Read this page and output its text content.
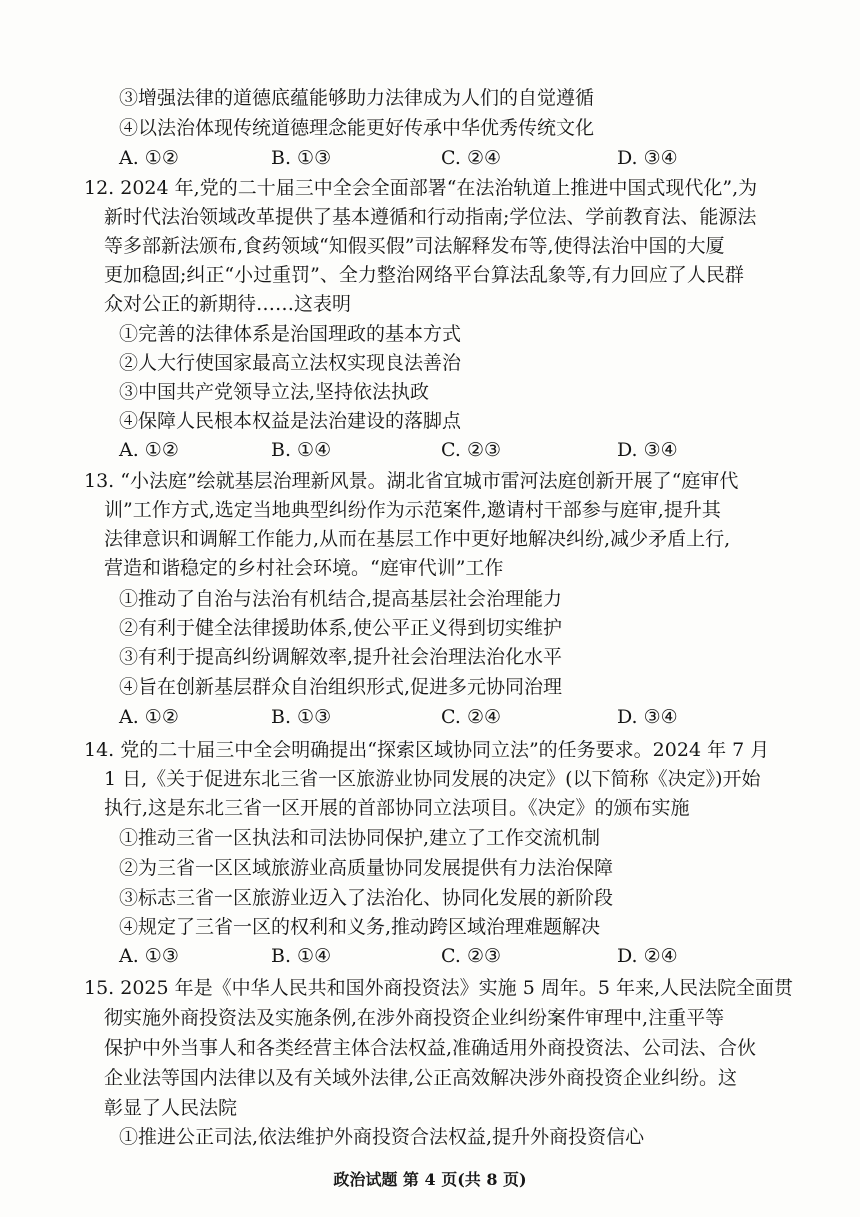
③增强法律的道德底蕴能够助力法律成为人们的自觉遵循
④以法治体现传统道德理念能更好传承中华优秀传统文化
A. ①②	B. ①③	C. ②④	D. ③④
12. 2024 年,党的二十届三中全会全面部署“在法治轨道上推进中国式现代化”,为
新时代法治领域改革提供了基本遵循和行动指南;学位法、学前教育法、能源法
等多部新法颁布,食药领域“知假买假”司法解释发布等,使得法治中国的大厦
更加稳固;纠正“小过重罚”、全力整治网络平台算法乱象等,有力回应了人民群
众对公正的新期待……这表明
①完善的法律体系是治国理政的基本方式
②人大行使国家最高立法权实现良法善治
③中国共产党领导立法,坚持依法执政
④保障人民根本权益是法治建设的落脚点
A. ①②	B. ①④	C. ②③	D. ③④
13. “小法庭”绘就基层治理新风景。湖北省宜城市雷河法庭创新开展了“庭审代
训”工作方式,选定当地典型纠纷作为示范案件,邀请村干部参与庭审,提升其
法律意识和调解工作能力,从而在基层工作中更好地解决纠纷,减少矛盾上行,
营造和谐稳定的乡村社会环境。“庭审代训”工作
①推动了自治与法治有机结合,提高基层社会治理能力
②有利于健全法律援助体系,使公平正义得到切实维护
③有利于提高纠纷调解效率,提升社会治理法治化水平
④旨在创新基层群众自治组织形式,促进多元协同治理
A. ①②	B. ①③	C. ②④	D. ③④
14. 党的二十届三中全会明确提出“探索区域协同立法”的任务要求。2024 年 7 月
1 日,《关于促进东北三省一区旅游业协同发展的决定》(以下简称《决定》)开始
执行,这是东北三省一区开展的首部协同立法项目。《决定》的颁布实施
①推动三省一区执法和司法协同保护,建立了工作交流机制
②为三省一区区域旅游业高质量协同发展提供有力法治保障
③标志三省一区旅游业迈入了法治化、协同化发展的新阶段
④规定了三省一区的权利和义务,推动跨区域治理难题解决
A. ①③	B. ①④	C. ②③	D. ②④
15. 2025 年是《中华人民共和国外商投资法》实施 5 周年。5 年来,人民法院全面贯
彻实施外商投资法及实施条例,在涉外商投资企业纠纷案件审理中,注重平等
保护中外当事人和各类经营主体合法权益,准确适用外商投资法、公司法、合伙
企业法等国内法律以及有关域外法律,公正高效解决涉外商投资企业纠纷。这
彰显了人民法院
①推进公正司法,依法维护外商投资合法权益,提升外商投资信心
政治试题 第 4 页(共 8 页)
